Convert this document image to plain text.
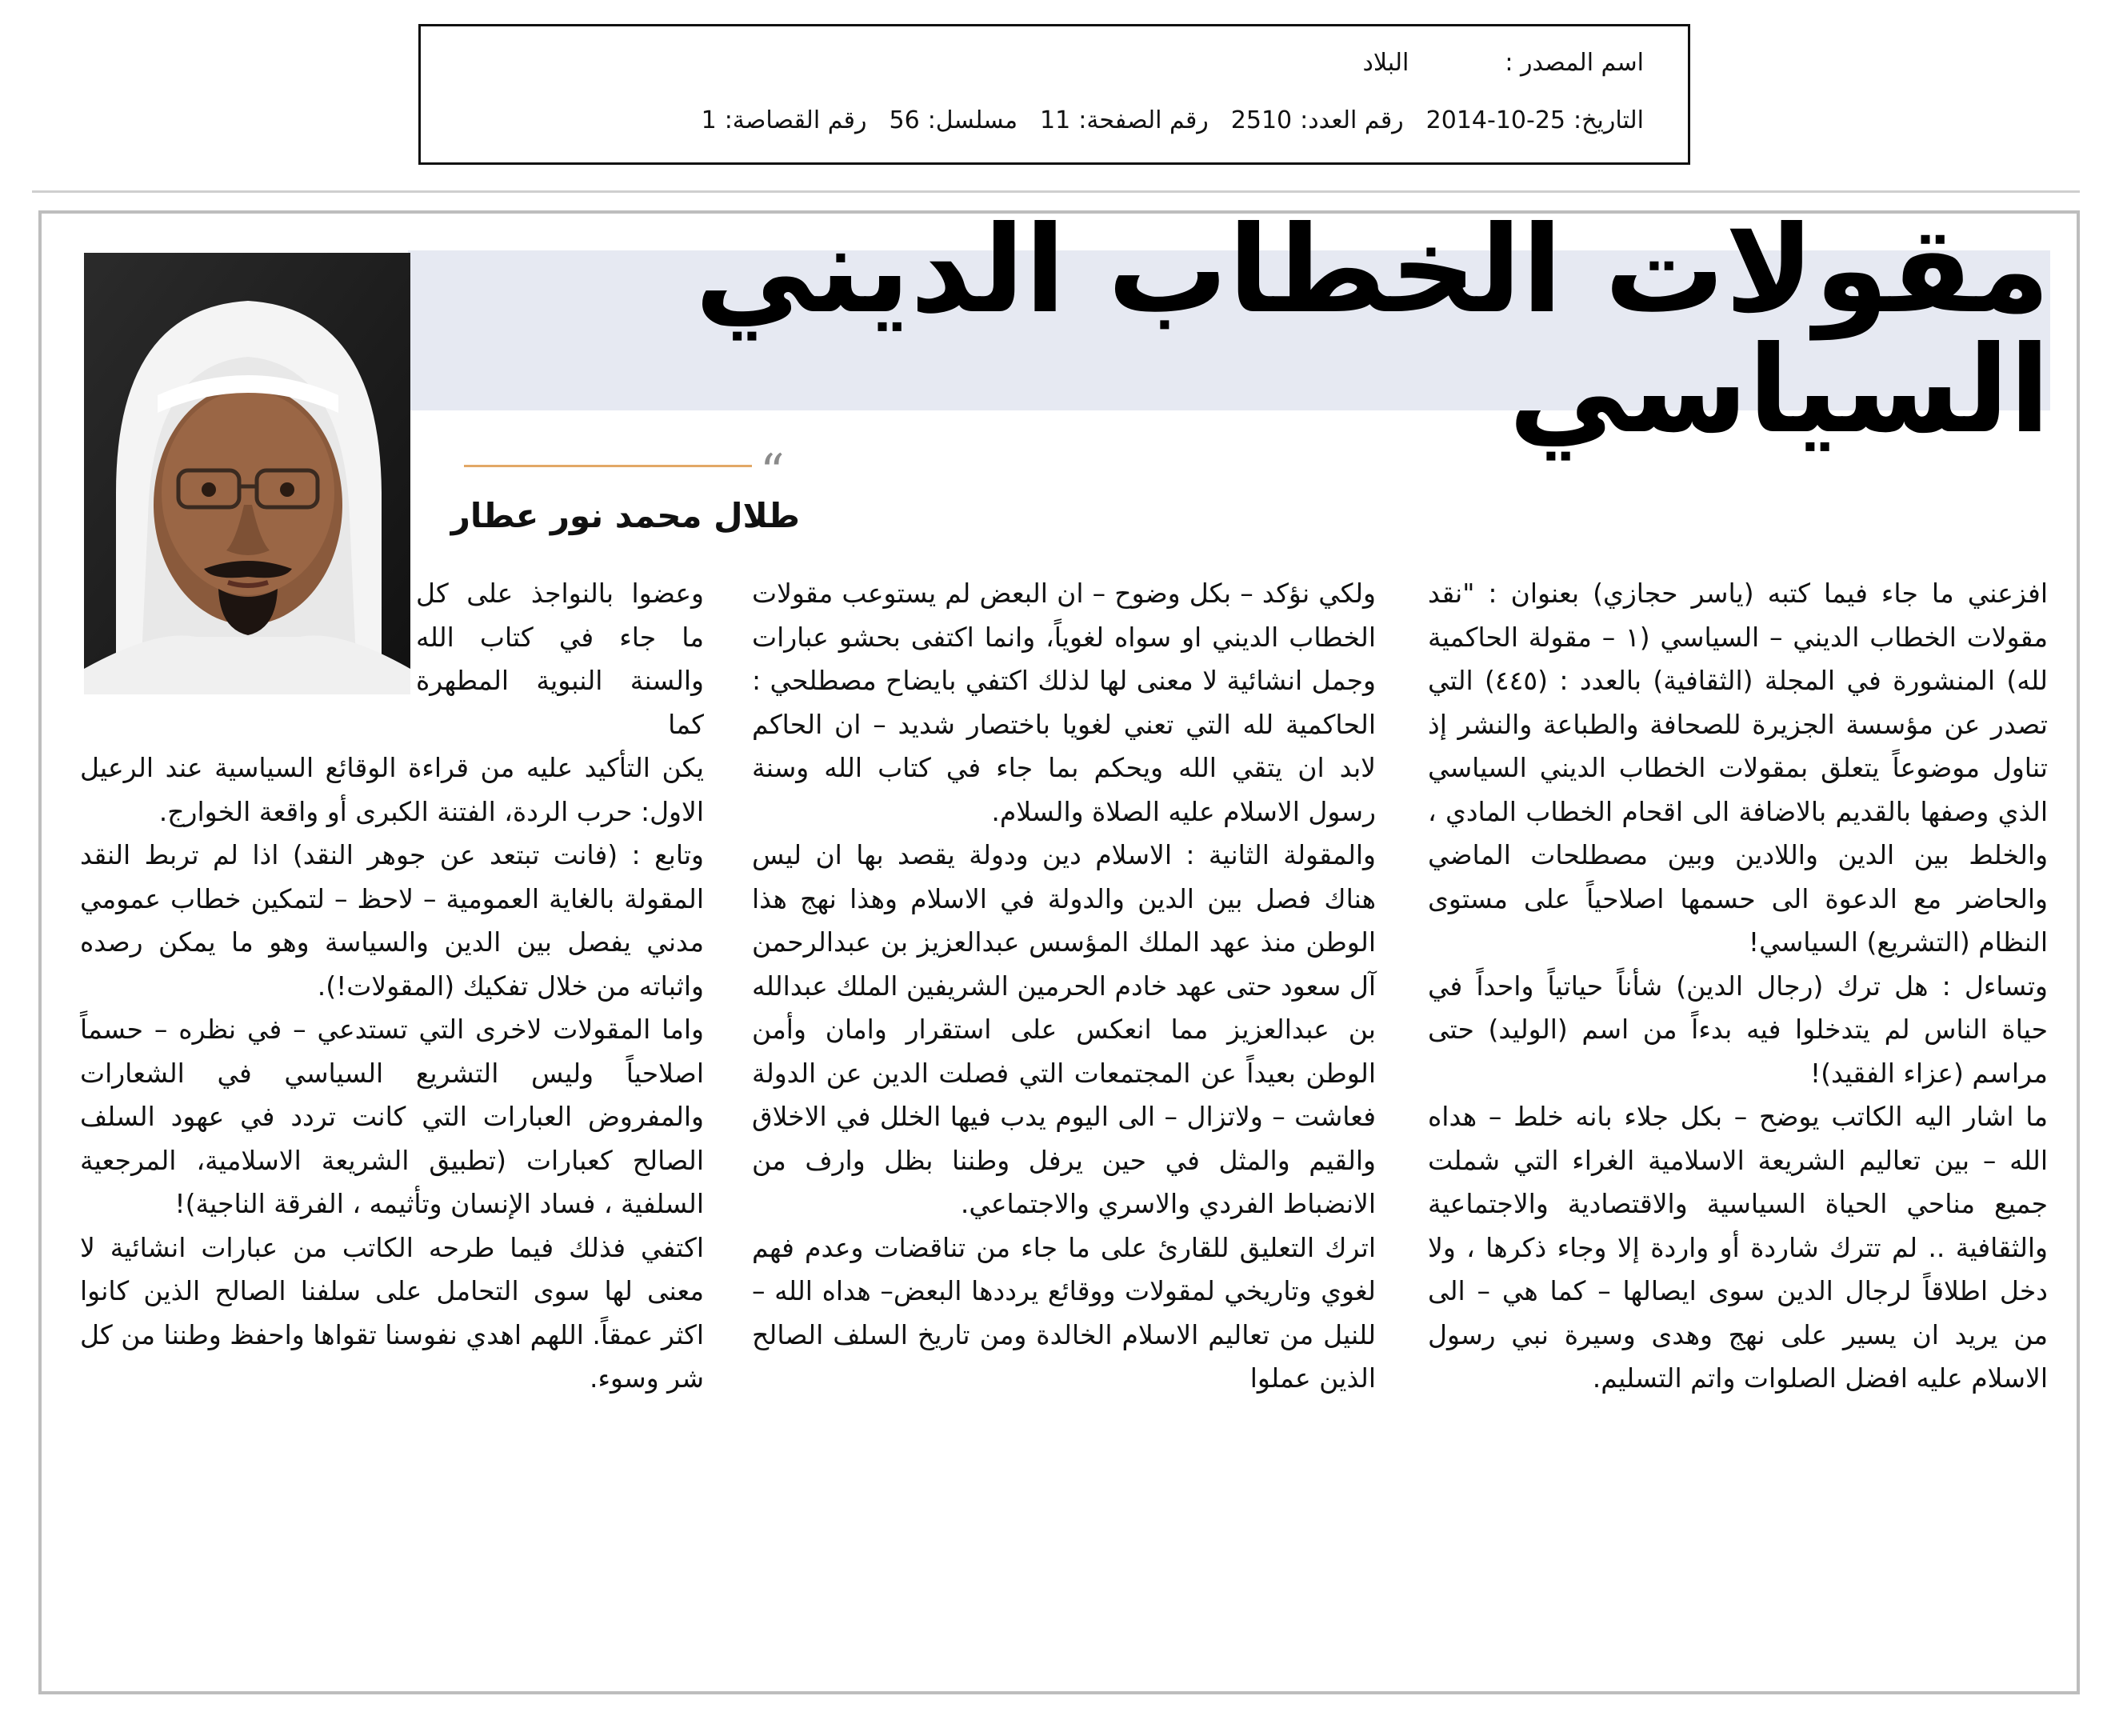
اسم المصدر :
البلاد
التاريخ:
2014-10-25
رقم العدد:
2510
رقم الصفحة:
11
مسلسل:
56
رقم القصاصة:
1
مقولات الخطاب الديني السياسي
“
طلال محمد نور عطار

افزعني ما جاء فيما كتبه (ياسر حجازي) بعنوان : "نقد مقولات الخطاب الديني – السياسي (١ – مقولة الحاكمية لله) المنشورة في المجلة (الثقافية) بالعدد : (٤٤٥) التي تصدر عن مؤسسة الجزيرة للصحافة والطباعة والنشر إذ تناول موضوعاً يتعلق بمقولات الخطاب الديني السياسي الذي وصفها بالقديم بالاضافة الى اقحام الخطاب المادي ، والخلط بين الدين واللادين وبين مصطلحات الماضي والحاضر مع الدعوة الى حسمها اصلاحياً على مستوى النظام (التشريع) السياسي!

وتساءل : هل ترك (رجال الدين) شأناً حياتياً واحداً في حياة الناس لم يتدخلوا فيه بدءاً من اسم (الوليد) حتى مراسم (عزاء الفقيد)!

ما اشار اليه الكاتب يوضح – بكل جلاء بانه خلط – هداه الله – بين تعاليم الشريعة الاسلامية الغراء التي شملت جميع مناحي الحياة السياسية والاقتصادية والاجتماعية والثقافية .. لم تترك شاردة أو واردة إلا وجاء ذكرها ، ولا دخل اطلاقاً لرجال الدين سوى ايصالها – كما هي – الى من يريد ان يسير على نهج وهدى وسيرة نبي رسول الاسلام عليه افضل الصلوات واتم التسليم.

ولكي نؤكد – بكل وضوح – ان البعض لم يستوعب مقولات الخطاب الديني او سواه لغوياً، وانما اكتفى بحشو عبارات وجمل انشائية لا معنى لها لذلك اكتفي بايضاح مصطلحي : الحاكمية لله التي تعني لغويا باختصار شديد – ان الحاكم لابد ان يتقي الله ويحكم بما جاء في كتاب الله وسنة رسول الاسلام عليه الصلاة والسلام.

والمقولة الثانية : الاسلام دين ودولة يقصد بها ان ليس هناك فصل بين الدين والدولة في الاسلام وهذا نهج هذا الوطن منذ عهد الملك المؤسس عبدالعزيز بن عبدالرحمن آل سعود حتى عهد خادم الحرمين الشريفين الملك عبدالله بن عبدالعزيز مما انعكس على استقرار وامان وأمن الوطن بعيداً عن المجتمعات التي فصلت الدين عن الدولة فعاشت – ولاتزال – الى اليوم يدب فيها الخلل في الاخلاق والقيم والمثل في حين يرفل وطننا بظل وارف من الانضباط الفردي والاسري والاجتماعي.

اترك التعليق للقارئ على ما جاء من تناقضات وعدم فهم لغوي وتاريخي لمقولات ووقائع يرددها البعض– هداه الله – للنيل من تعاليم الاسلام الخالدة ومن تاريخ السلف الصالح الذين عملوا

وعضوا بالنواجذ على كل ما جاء في كتاب الله والسنة النبوية المطهرة كما

يكن التأكيد عليه من قراءة الوقائع السياسية عند الرعيل الاول: حرب الردة، الفتنة الكبرى أو واقعة الخوارج.

وتابع : (فانت تبتعد عن جوهر النقد) اذا لم تربط النقد المقولة بالغاية العمومية – لاحظ – لتمكين خطاب عمومي مدني يفصل بين الدين والسياسة وهو ما يمكن رصده واثباته من خلال تفكيك (المقولات!).

واما المقولات لاخرى التي تستدعي – في نظره – حسماً اصلاحياً وليس التشريع السياسي في الشعارات والمفروض العبارات التي كانت تردد في عهود السلف الصالح كعبارات (تطبيق الشريعة الاسلامية، المرجعية السلفية ، فساد الإنسان وتأثيمه ، الفرقة الناجية)!

اكتفي فذلك فيما طرحه الكاتب من عبارات انشائية لا معنى لها سوى التحامل على سلفنا الصالح الذين كانوا اكثر عمقاً. اللهم اهدي نفوسنا تقواها واحفظ وطننا من كل شر وسوء.
